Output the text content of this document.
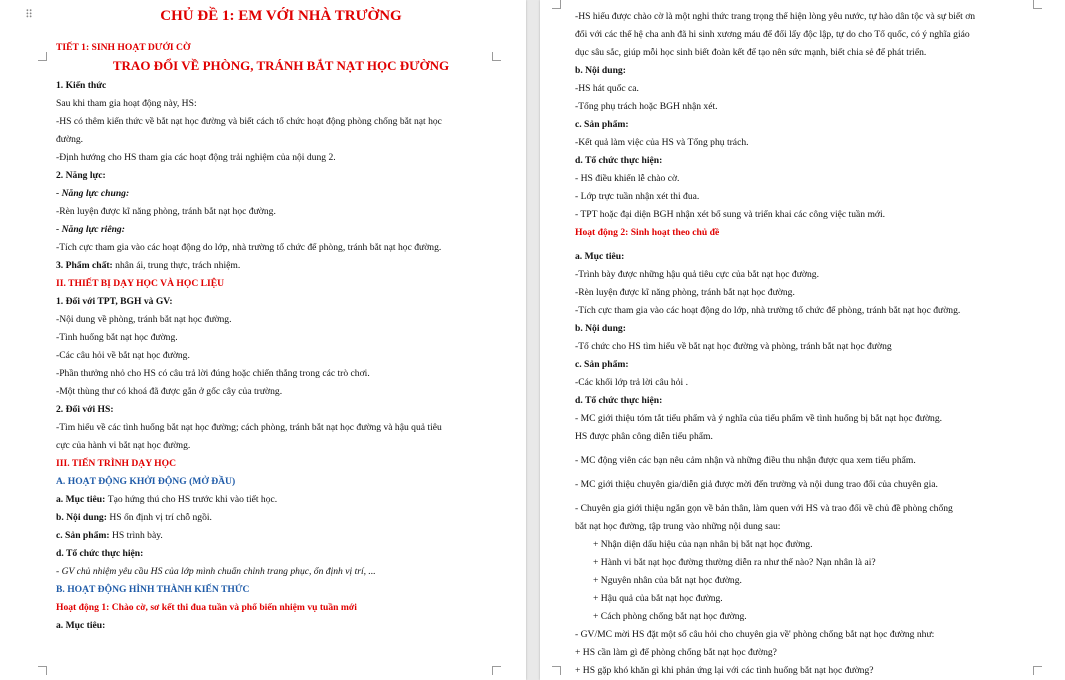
⠿	CHỦ ĐỀ 1: EM VỚI NHÀ TRƯỜNG
TIẾT 1: SINH HOẠT DƯỚI CỜ
TRAO ĐỔI VỀ PHÒNG, TRÁNH BẮT NẠT HỌC ĐƯỜNG
1. Kiến thức
Sau khi tham gia hoạt động này, HS:
-HS có thêm kiến thức về bắt nạt học đường và biết cách tổ chức hoạt động phòng chống bắt nạt học
đường.
-Định hướng cho HS tham gia các hoạt động trải nghiệm của nội dung 2.
2. Năng lực:
- Năng lực chung:
-Rèn luyện được kĩ năng phòng, tránh bắt nạt học đường.
- Năng lực riêng:
-Tích cực tham gia vào các hoạt động do lớp, nhà trường tổ chức để phòng, tránh bắt nạt học đường.
3. Phẩm chất: nhân ái, trung thực, trách nhiệm.
II. THIẾT BỊ DẠY HỌC VÀ HỌC LIỆU
1. Đối với TPT, BGH và GV:
-Nội dung về phòng, tránh bắt nạt học đường.
-Tình huống bắt nạt học đường.
-Các câu hỏi về bắt nạt học đường.
-Phần thưởng nhỏ cho HS có câu trả lời đúng hoặc chiến thắng trong các trò chơi.
-Một thùng thư có khoá đã được gắn ở gốc cây của trường.
2. Đối với HS:
-Tìm hiểu về các tình huống bắt nạt học đường; cách phòng, tránh bắt nạt học đường và hậu quả tiêu
cực của hành vi bắt nạt học đường.
III. TIẾN TRÌNH DẠY HỌC
A. HOẠT ĐỘNG KHỞI ĐỘNG (MỞ ĐẦU)
a. Mục tiêu: Tạo hứng thú cho HS trước khi vào tiết học.
b. Nội dung: HS ổn định vị trí chỗ ngồi.
c. Sản phẩm: HS trình bày.
d. Tổ chức thực hiện:
- GV chủ nhiệm yêu cầu HS của lớp mình chuẩn chỉnh trang phục, ổn định vị trí, ...
B. HOẠT ĐỘNG HÌNH THÀNH KIẾN THỨC
Hoạt động 1: Chào cờ, sơ kết thi đua tuần và phổ biến nhiệm vụ tuần mới
a. Mục tiêu:
-HS hiểu được chào cờ là một nghi thức trang trọng thể hiện lòng yêu nước, tự hào dân tộc và sự biết ơn
đối với các thế hệ cha anh đã hi sinh xương máu để đổi lấy độc lập, tự do cho Tổ quốc, có ý nghĩa giáo
dục sâu sắc, giúp mỗi học sinh biết đoàn kết để tạo nên sức mạnh, biết chia sẻ để phát triển.
b. Nội dung:
-HS hát quốc ca.
-Tổng phụ trách hoặc BGH nhận xét.
c. Sản phẩm:
-Kết quả làm việc của HS và Tổng phụ trách.
d. Tổ chức thực hiện:
- HS điều khiển lễ chào cờ.
- Lớp trực tuần nhận xét thi đua.
- TPT hoặc đại diện BGH nhận xét bổ sung và triển khai các công việc tuần mới.
Hoạt động 2: Sinh hoạt theo chủ đề
a. Mục tiêu:
-Trình bày được những hậu quả tiêu cực của bắt nạt học đường.
-Rèn luyện được kĩ năng phòng, tránh bắt nạt học đường.
-Tích cực tham gia vào các hoạt động do lớp, nhà trường tổ chức để phòng, tránh bắt nạt học đường.
b. Nội dung:
-Tổ chức cho HS tìm hiểu về bắt nạt học đường và phòng, tránh bắt nạt học đường
c. Sản phẩm:
-Các khối lớp trả lời câu hỏi .
d. Tổ chức thực hiện:
- MC giới thiệu tóm tắt tiểu phẩm và ý nghĩa của tiểu phẩm về tình huống bị bắt nạt học đường.
HS được phân công diễn tiểu phẩm.
- MC động viên các bạn nêu cảm nhận và những điều thu nhận được qua xem tiểu phẩm.
- MC giới thiệu chuyên gia/diễn giả được mời đến trường và nội dung trao đổi của chuyên gia.
- Chuyên gia giới thiệu ngắn gọn về bản thân, làm quen với HS và trao đổi về chủ đề phòng chống
bắt nạt học đường, tập trung vào những nội dung sau:
+ Nhận diện dấu hiệu của nạn nhân bị bắt nạt học đường.
+ Hành vi bắt nạt học đường thường diễn ra như thế nào? Nạn nhân là ai?
+ Nguyên nhân của bắt nạt học đường.
+ Hậu quả của bắt nạt học đường.
+ Cách phòng chống bắt nạt học đường.
- GV/MC mời HS đặt một số câu hỏi cho chuyên gia về' phòng chống bắt nạt học đường như:
+ HS cần làm gì để phòng chống bắt nạt học đường?
+ HS gặp khó khăn gì khi phản ứng lại với các tình huống bắt nạt học đường?
